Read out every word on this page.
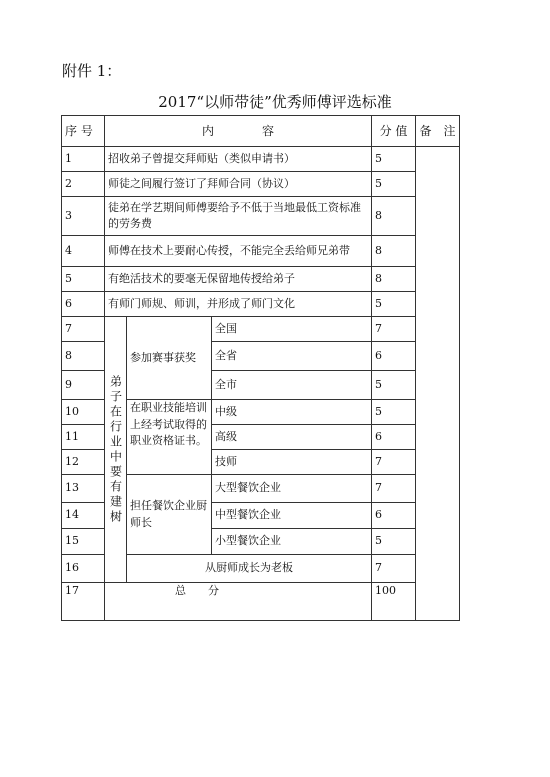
附件 1：
2017“以师带徒”优秀师傅评选标准
序 号	内　　　　容			分 值	备　注
1	招收弟子曾提交拜师贴（类似申请书）			5	
2	师徒之间履行签订了拜师合同（协议）			5	
3	徒弟在学艺期间师傅要给予不低于当地最低工资标准的劳务费			8	
4	师傅在技术上要耐心传授，不能完全丢给师兄弟带			8	
5	有绝活技术的要毫无保留地传授给弟子			8	
6	有师门师规、师训，并形成了师门文化			5	
7	弟子在行业中要有建树	参加赛事获奖	全国	7	
8			全省	6	
9			全市	5	
10		在职业技能培训上经考试取得的职业资格证书。	中级	5	
11			高级	6	
12			技师	7	
13		担任餐饮企业厨师长	大型餐饮企业	7	
14			中型餐饮企业	6	
15			小型餐饮企业	5	
16		从厨师成长为老板		7	
17	总　　分			100	
